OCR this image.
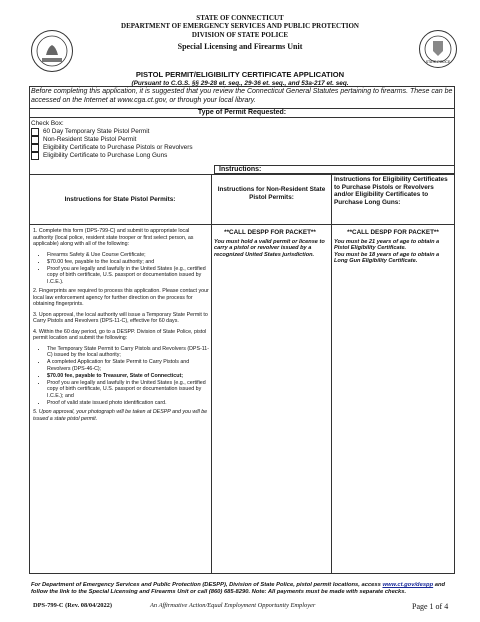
STATE POLICE
STATE OF CONNECTICUT
DEPARTMENT OF EMERGENCY SERVICES AND PUBLIC PROTECTION
DIVISION OF STATE POLICE
Special Licensing and Firearms Unit
PISTOL PERMIT/ELIGIBILITY CERTIFICATE APPLICATION
(Pursuant to C.G.S. §§ 29-28 et. seq., 29-36 et. seq., and 53a-217 et. seq.
Before completing this application, it is suggested that you review the Connecticut General Statutes pertaining to firearms. These can be accessed on the Internet at www.cga.ct.gov, or through your local library.
Type of Permit Requested:
Check Box:
60 Day Temporary State Pistol Permit
Non-Resident State Pistol Permit
Eligibility Certificate to Purchase Pistols or Revolvers
Eligibility Certificate to Purchase Long Guns
Instructions:
Instructions for State Pistol Permits:
Instructions for Non-Resident State Pistol Permits:
Instructions for Eligibility Certificates to Purchase Pistols or Revolvers and/or Eligibility Certificates to Purchase Long Guns:

1. Complete this form (DPS-799-C) and submit to appropriate local authority (local police, resident state trooper or first select person, as applicable) along with all of the following:

• Firearms Safety & Use Course Certificate;
• $70.00 fee, payable to the local authority; and
• Proof you are legally and lawfully in the United States (e.g., certified copy of birth certificate, U.S. passport or documentation issued by I.C.E.).

2. Fingerprints are required to process this application. Please contact your local law enforcement agency for further direction on the process for obtaining fingerprints.

3. Upon approval, the local authority will issue a Temporary State Permit to Carry Pistols and Revolvers (DPS-11-C), effective for 60 days.

4. Within the 60 day period, go to a DESPP. Division of State Police, pistol permit location and submit the following:

• The Temporary State Permit to Carry Pistols and Revolvers (DPS-11-C) issued by the local authority;
• A completed Application for State Permit to Carry Pistols and Revolvers (DPS-46-C);
• $70.00 fee, payable to Treasurer, State of Connecticut;
• Proof you are legally and lawfully in the United States (e.g., certified copy of birth certificate, U.S. passport or documentation issued by I.C.E.); and
• Proof of valid state issued photo identification card.

5. Upon approval, your photograph will be taken at DESPP and you will be issued a state pistol permit.

**CALL DESPP FOR PACKET**
You must hold a valid permit or license to carry a pistol or revolver issued by a recognized United States jurisdiction.
**CALL DESPP FOR PACKET**
You must be 21 years of age to obtain a Pistol Eligibility Certificate.
You must be 18 years of age to obtain a Long Gun Eligibility Certificate.
For Department of Emergency Services and Public Protection (DESPP), Division of State Police, pistol permit locations, access www.ct.gov/despp and follow the link to the Special Licensing and Firearms Unit or call (860) 685-8290. Note: All payments must be made with separate checks.
DPS-799-C (Rev. 08/04/2022)	An Affirmative Action/Equal Employment Opportunity Employer	Page 1 of 4
